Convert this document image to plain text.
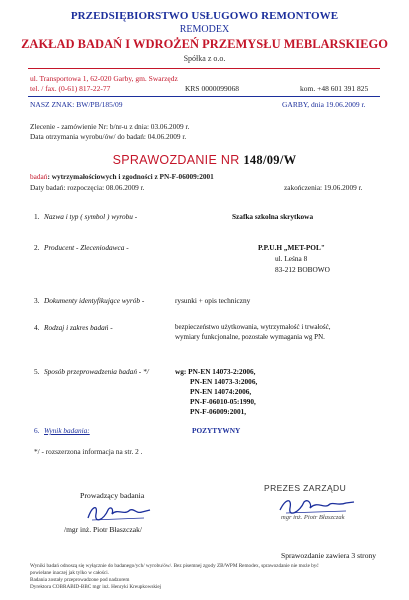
PRZEDSIĘBIORSTWO USŁUGOWO REMONTOWE
REMODEX
ZAKŁAD BADAŃ I WDROŻEŃ PRZEMYSŁU MEBLARSKIEGO
Spółka z o.o.
ul. Transportowa 1, 62-020 Garby, gm. Swarzędz
tel. / fax. (0-61) 817-22-77	KRS 0000099068	kom. +48 601 391 825
NASZ ZNAK: BW/PB/185/09	GARBY, dnia 19.06.2009 r.
Zlecenie - zamówienie Nr: b/nr-u z dnia: 03.06.2009 r.
Data otrzymania wyrobu/ów/ do badań: 04.06.2009 r.
SPRAWOZDANIE NR 148/09/W
badań: wytrzymałościowych i zgodności z PN-F-06009:2001
Daty badań: rozpoczęcia: 08.06.2009 r.	zakończenia: 19.06.2009 r.
1. Nazwa i typ ( symbol ) wyrobu -	Szafka szkolna skrytkowa
2. Producent - Zleceniodawca -	P.P.U.H „MET-POL"
ul. Leśna 8
83-212 BOBOWO
3. Dokumenty identyfikujące wyrób -	rysunki + opis techniczny
4. Rodzaj i zakres badań -	bezpieczeństwo użytkowania, wytrzymałość i trwałość,
wymiary funkcjonalne, pozostałe wymagania wg PN.
5. Sposób przeprowadzenia badań - */	wg: PN-EN 14073-2:2006,
PN-EN 14073-3:2006,
PN-EN 14074:2006,
PN-F-06010-05:1990,
PN-F-06009:2001,
6. Wynik badania:	POZYTYWNY
*/ - rozszerzona informacja na str. 2 .
Prowadzący badania
/mgr inż. Piotr Błaszczak/
PREZES ZARZĄDU
mgr inż. Piotr Błaszczak
Sprawozdanie zawiera 3 strony
Wyniki badań odnoszą się wyłącznie do badanego/ych/ wyrobu/ów/. Bez pisemnej zgody ZB/WPM Remodex, sprawozdanie nie może być
powielane inaczej jak tylko w całości.
Badania zostały przeprowadzone pod nadzorem
Dyrektora COBRABID-BBC mgr inż. Henryki Kreupkowskiej
